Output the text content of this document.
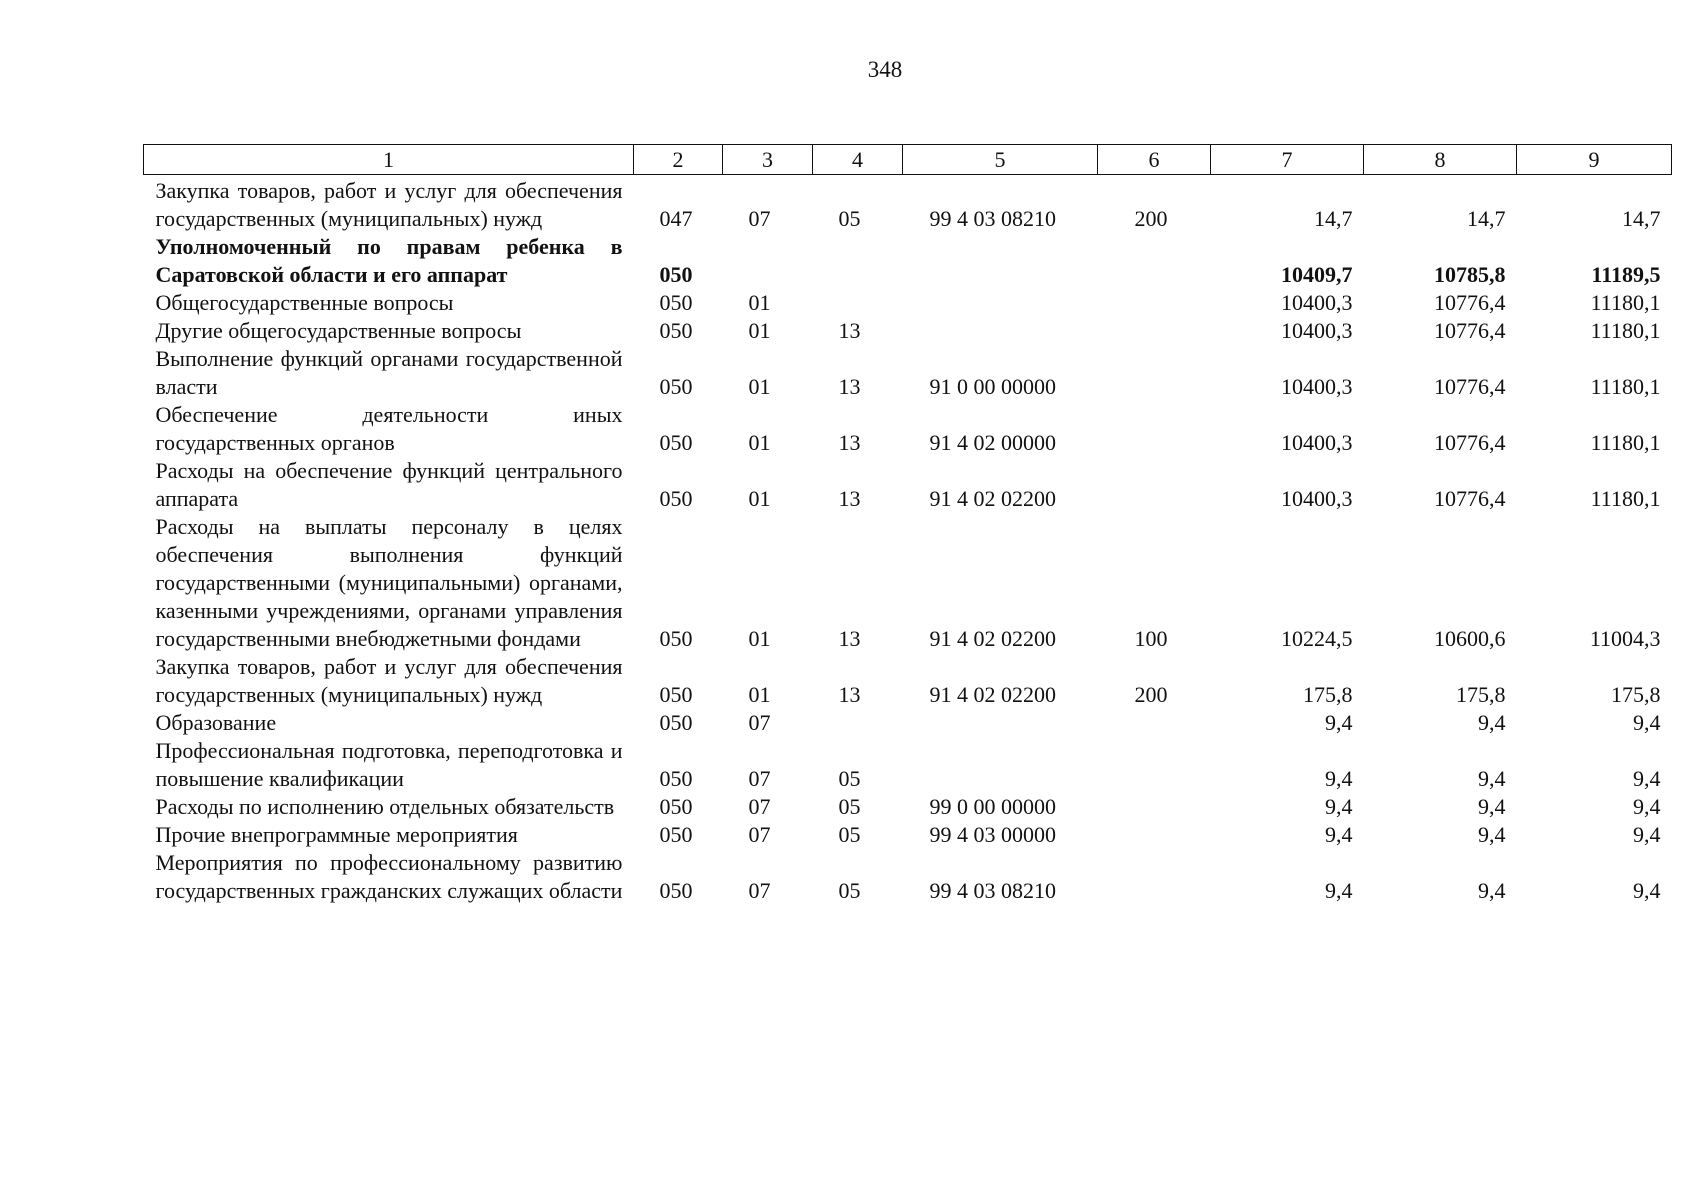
348
1	2	3	4	5	6	7	8	9
Закупка товаров, работ и услуг для обеспечения государственных (муниципальных) нужд	047	07	05	99 4 03 08210	200	14,7	14,7	14,7
Уполномоченный по правам ребенка в Саратовской области и его аппарат	050					10409,7	10785,8	11189,5
Общегосударственные вопросы	050	01				10400,3	10776,4	11180,1
Другие общегосударственные вопросы	050	01	13			10400,3	10776,4	11180,1
Выполнение функций органами государственной власти	050	01	13	91 0 00 00000		10400,3	10776,4	11180,1
Обеспечение деятельности иных государственных органов	050	01	13	91 4 02 00000		10400,3	10776,4	11180,1
Расходы на обеспечение функций центрального аппарата	050	01	13	91 4 02 02200		10400,3	10776,4	11180,1
Расходы на выплаты персоналу в целях обеспечения выполнения функций государственными (муниципальными) органами, казенными учреждениями, органами управления государственными внебюджетными фондами	050	01	13	91 4 02 02200	100	10224,5	10600,6	11004,3
Закупка товаров, работ и услуг для обеспечения государственных (муниципальных) нужд	050	01	13	91 4 02 02200	200	175,8	175,8	175,8
Образование	050	07				9,4	9,4	9,4
Профессиональная подготовка, переподготовка и повышение квалификации	050	07	05			9,4	9,4	9,4
Расходы по исполнению отдельных обязательств	050	07	05	99 0 00 00000		9,4	9,4	9,4
Прочие внепрограммные мероприятия	050	07	05	99 4 03 00000		9,4	9,4	9,4
Мероприятия по профессиональному развитию государственных гражданских служащих области	050	07	05	99 4 03 08210		9,4	9,4	9,4
